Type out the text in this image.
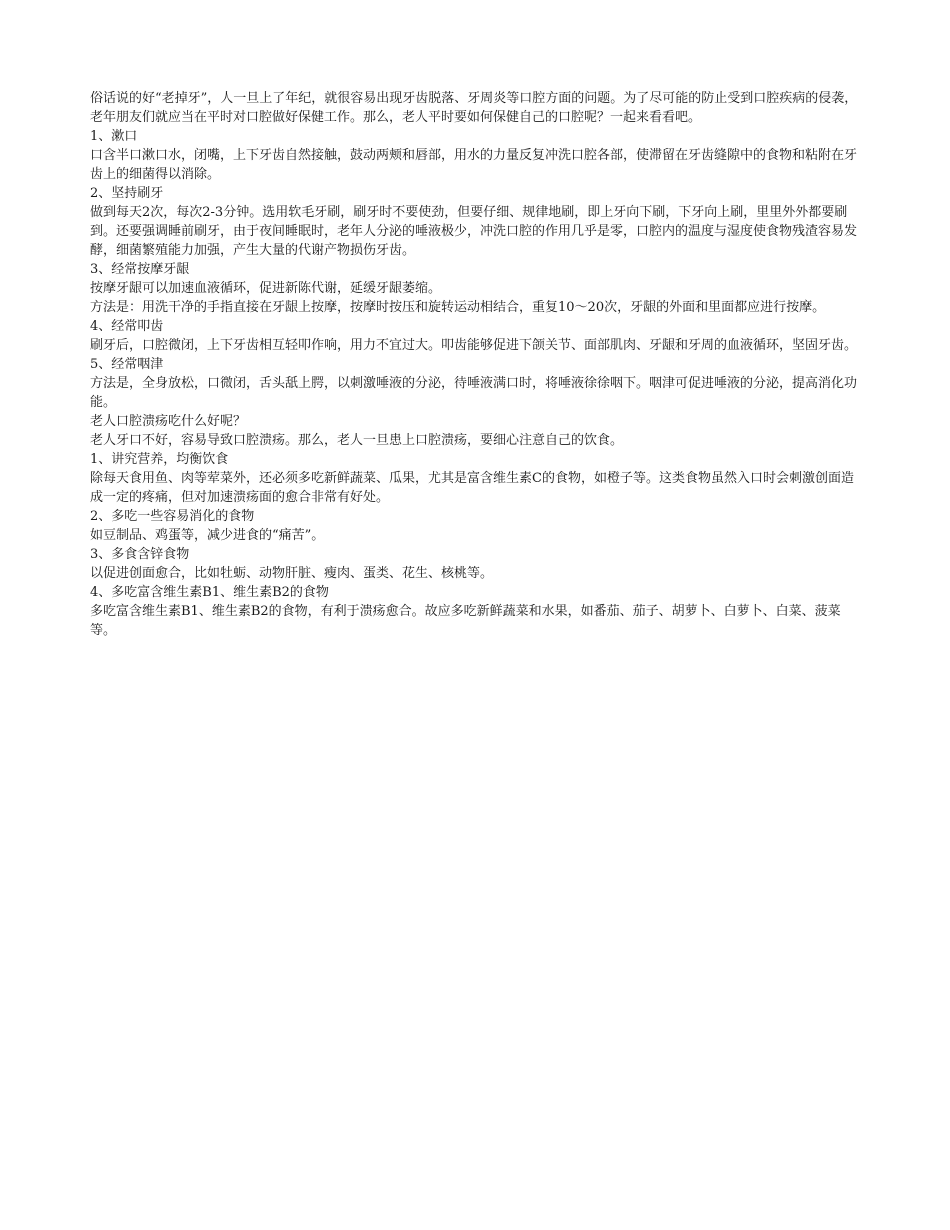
俗话说的好“老掉牙”，人一旦上了年纪，就很容易出现牙齿脱落、牙周炎等口腔方面的问题。为了尽可能的防止受到口腔疾病的侵袭，老年朋友们就应当在平时对口腔做好保健工作。那么，老人平时要如何保健自己的口腔呢？一起来看看吧。

1、漱口

口含半口漱口水，闭嘴，上下牙齿自然接触，鼓动两颊和唇部，用水的力量反复冲洗口腔各部，使滞留在牙齿缝隙中的食物和粘附在牙齿上的细菌得以消除。

2、坚持刷牙

做到每天2次，每次2-3分钟。选用软毛牙刷，刷牙时不要使劲，但要仔细、规律地刷，即上牙向下刷，下牙向上刷，里里外外都要刷到。还要强调睡前刷牙，由于夜间睡眠时，老年人分泌的唾液极少，冲洗口腔的作用几乎是零，口腔内的温度与湿度使食物残渣容易发酵，细菌繁殖能力加强，产生大量的代谢产物损伤牙齿。

3、经常按摩牙龈

按摩牙龈可以加速血液循环，促进新陈代谢，延缓牙龈萎缩。

方法是：用洗干净的手指直接在牙龈上按摩，按摩时按压和旋转运动相结合，重复10～20次，牙龈的外面和里面都应进行按摩。

4、经常叩齿

刷牙后，口腔微闭，上下牙齿相互轻叩作响，用力不宜过大。叩齿能够促进下颌关节、面部肌肉、牙龈和牙周的血液循环，坚固牙齿。

5、经常咽津

方法是，全身放松，口微闭，舌头舐上腭，以刺激唾液的分泌，待唾液满口时，将唾液徐徐咽下。咽津可促进唾液的分泌，提高消化功能。

老人口腔溃疡吃什么好呢？

老人牙口不好，容易导致口腔溃疡。那么，老人一旦患上口腔溃疡，要细心注意自己的饮食。

1、讲究营养，均衡饮食

除每天食用鱼、肉等荤菜外，还必须多吃新鲜蔬菜、瓜果，尤其是富含维生素C的食物，如橙子等。这类食物虽然入口时会刺激创面造成一定的疼痛，但对加速溃疡面的愈合非常有好处。

2、多吃一些容易消化的食物

如豆制品、鸡蛋等，减少进食的“痛苦”。

3、多食含锌食物

以促进创面愈合，比如牡蛎、动物肝脏、瘦肉、蛋类、花生、核桃等。

4、多吃富含维生素B1、维生素B2的食物

多吃富含维生素B1、维生素B2的食物，有利于溃疡愈合。故应多吃新鲜蔬菜和水果，如番茄、茄子、胡萝卜、白萝卜、白菜、菠菜等。
